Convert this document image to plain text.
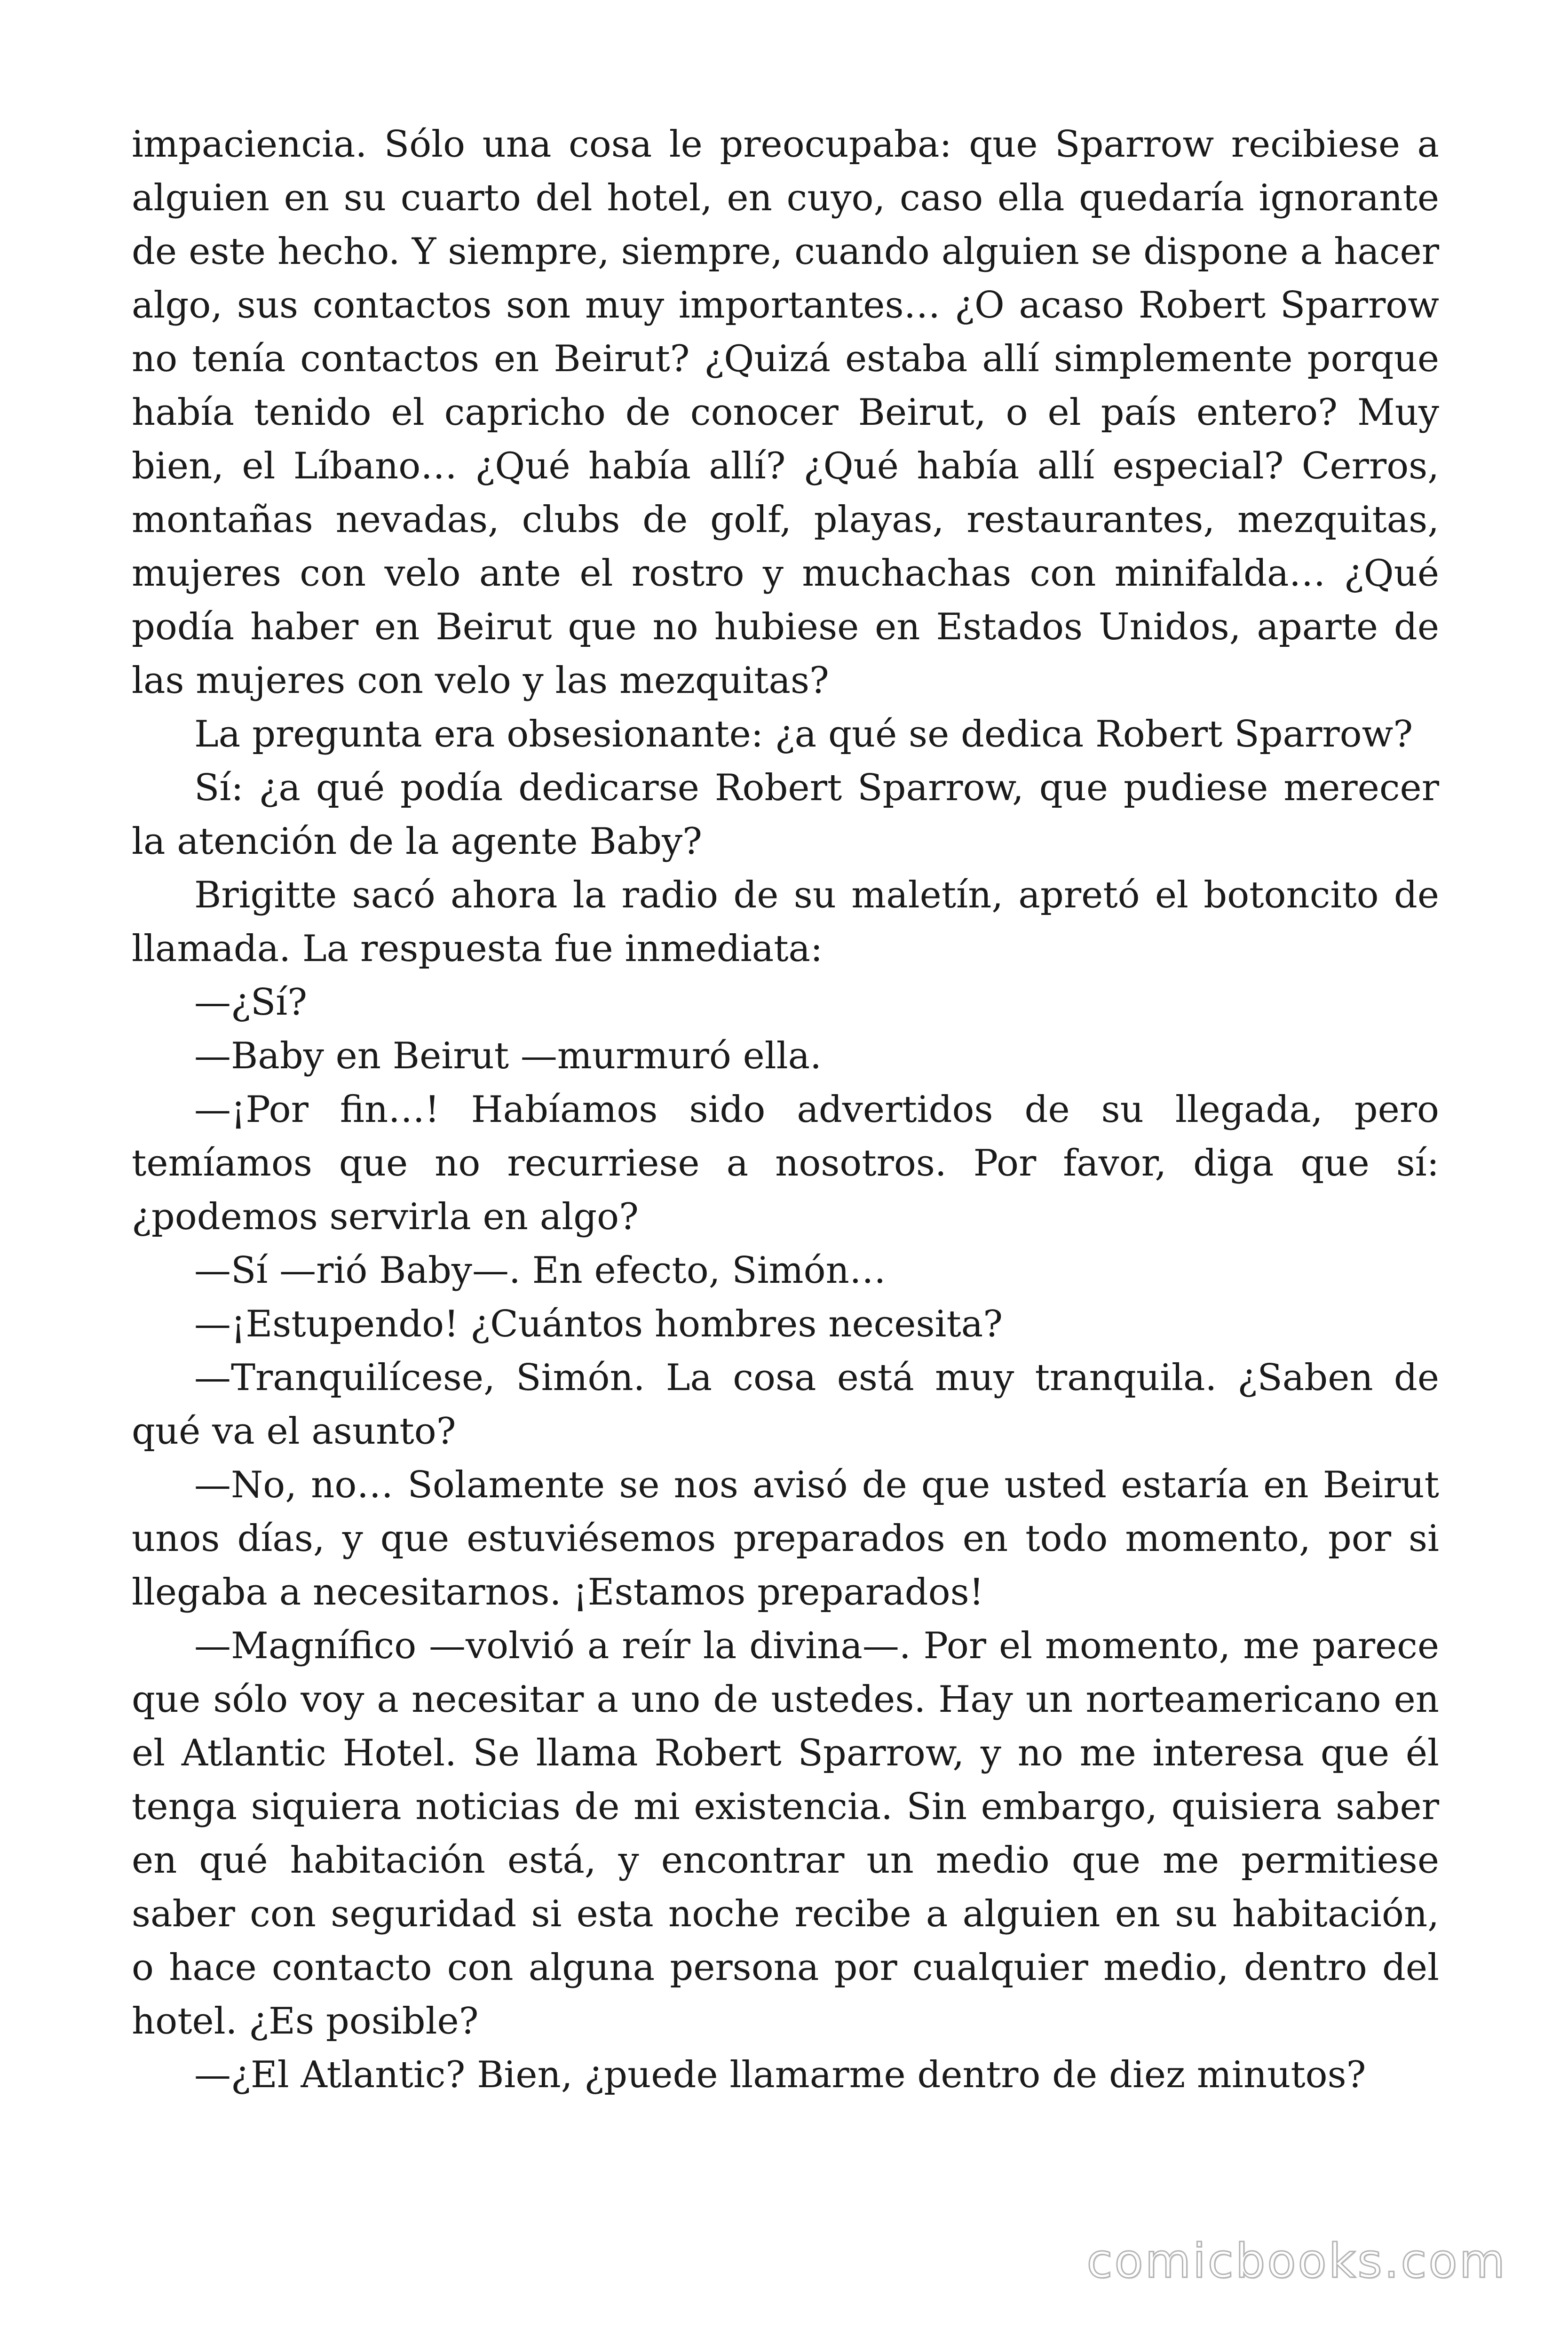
impaciencia. Sólo una cosa le preocupaba: que Sparrow recibiese a alguien en su cuarto del hotel, en cuyo, caso ella quedaría ignorante de este hecho. Y siempre, siempre, cuando alguien se dispone a hacer algo, sus contactos son muy importantes… ¿O acaso Robert Sparrow no tenía contactos en Beirut? ¿Quizá estaba allí simplemente porque había tenido el capricho de conocer Beirut, o el país entero? Muy bien, el Líbano… ¿Qué había allí? ¿Qué había allí especial? Cerros, montañas nevadas, clubs de golf, playas, restaurantes, mezquitas, mujeres con velo ante el rostro y muchachas con minifalda… ¿Qué podía haber en Beirut que no hubiese en Estados Unidos, aparte de las mujeres con velo y las mezquitas?

La pregunta era obsesionante: ¿a qué se dedica Robert Sparrow?

Sí: ¿a qué podía dedicarse Robert Sparrow, que pudiese merecer la atención de la agente Baby?

Brigitte sacó ahora la radio de su maletín, apretó el botoncito de llamada. La respuesta fue inmediata:

—¿Sí?

—Baby en Beirut —murmuró ella.

—¡Por fin…! Habíamos sido advertidos de su llegada, pero temíamos que no recurriese a nosotros. Por favor, diga que sí: ¿podemos servirla en algo?

—Sí —rió Baby—. En efecto, Simón…

—¡Estupendo! ¿Cuántos hombres necesita?

—Tranquilícese, Simón. La cosa está muy tranquila. ¿Saben de qué va el asunto?

—No, no… Solamente se nos avisó de que usted estaría en Beirut unos días, y que estuviésemos preparados en todo momento, por si llegaba a necesitarnos. ¡Estamos preparados!

—Magnífico —volvió a reír la divina—. Por el momento, me parece que sólo voy a necesitar a uno de ustedes. Hay un norteamericano en el Atlantic Hotel. Se llama Robert Sparrow, y no me interesa que él tenga siquiera noticias de mi existencia. Sin embargo, quisiera saber en qué habitación está, y encontrar un medio que me permitiese saber con seguridad si esta noche recibe a alguien en su habitación, o hace contacto con alguna persona por cualquier medio, dentro del hotel. ¿Es posible?

—¿El Atlantic? Bien, ¿puede llamarme dentro de diez minutos?

comicbooks.com
